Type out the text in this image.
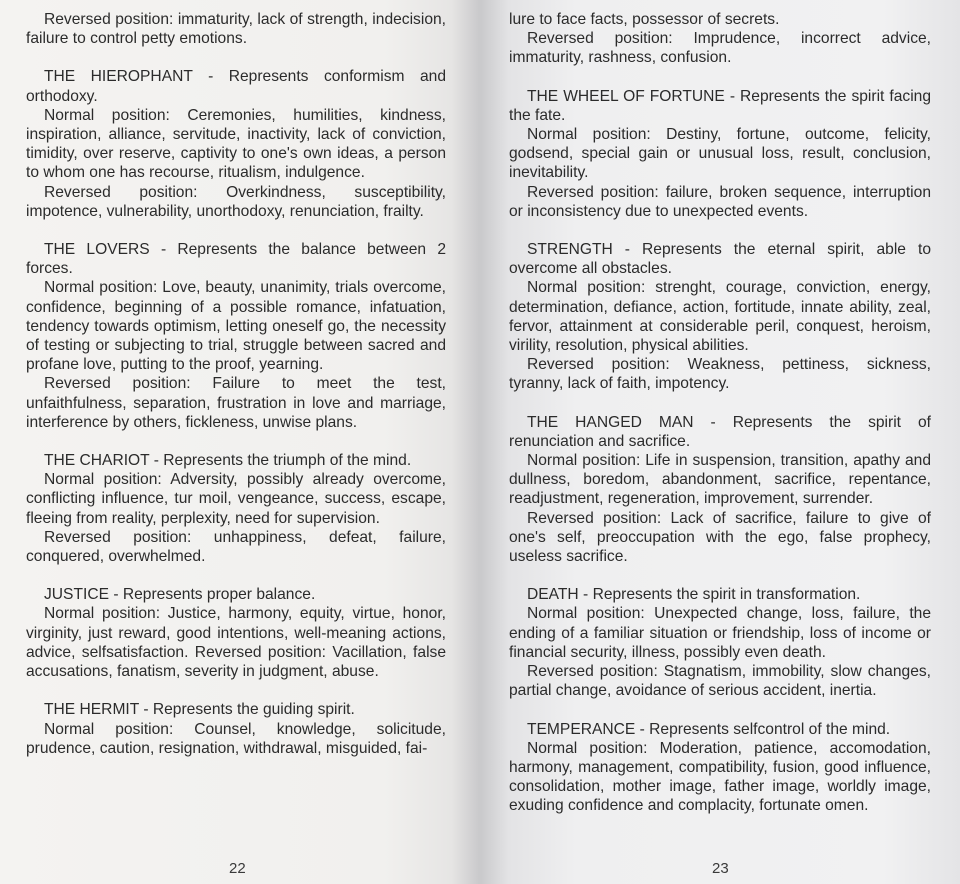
Reversed position: immaturity, lack of strength, indecision, failure to control petty emotions.

THE HIEROPHANT - Represents conformism and orthodoxy.

Normal position: Ceremonies, humilities, kindness, inspiration, alliance, servitude, inactivity, lack of conviction, timidity, over reserve, captivity to one's own ideas, a person to whom one has recourse, ritualism, indulgence.

Reversed position: Overkindness, susceptibility, impotence, vulnerability, unorthodoxy, renunciation, frailty.

THE LOVERS - Represents the balance between 2 forces.

Normal position: Love, beauty, unanimity, trials overcome, confidence, beginning of a possible romance, infatuation, tendency towards optimism, letting oneself go, the necessity of testing or subjecting to trial, struggle between sacred and profane love, putting to the proof, yearning.

Reversed position: Failure to meet the test, unfaithfulness, separation, frustration in love and marriage, interference by others, fickleness, unwise plans.

THE CHARIOT - Represents the triumph of the mind.

Normal position: Adversity, possibly already overcome, conflicting influence, tur moil, vengeance, success, escape, fleeing from reality, perplexity, need for supervision.

Reversed position: unhappiness, defeat, failure, conquered, overwhelmed.

JUSTICE - Represents proper balance.

Normal position: Justice, harmony, equity, virtue, honor, virginity, just reward, good intentions, well-meaning actions, advice, selfsatisfaction. Reversed position: Vacillation, false accusations, fanatism, severity in judgment, abuse.

THE HERMIT - Represents the guiding spirit.

Normal position: Counsel, knowledge, solicitude, prudence, caution, resignation, withdrawal, misguided, fai-

22

lure to face facts, possessor of secrets.

Reversed position: Imprudence, incorrect advice, immaturity, rashness, confusion.

THE WHEEL OF FORTUNE - Represents the spirit facing the fate.

Normal position: Destiny, fortune, outcome, felicity, godsend, special gain or unusual loss, result, conclusion, inevitability.

Reversed position: failure, broken sequence, interruption or inconsistency due to unexpected events.

STRENGTH - Represents the eternal spirit, able to overcome all obstacles.

Normal position: strenght, courage, conviction, energy, determination, defiance, action, fortitude, innate ability, zeal, fervor, attainment at considerable peril, conquest, heroism, virility, resolution, physical abilities.

Reversed position: Weakness, pettiness, sickness, tyranny, lack of faith, impotency.

THE HANGED MAN - Represents the spirit of renunciation and sacrifice.

Normal position: Life in suspension, transition, apathy and dullness, boredom, abandonment, sacrifice, repentance, readjustment, regeneration, improvement, surrender.

Reversed position: Lack of sacrifice, failure to give of one's self, preoccupation with the ego, false prophecy, useless sacrifice.

DEATH - Represents the spirit in transformation.

Normal position: Unexpected change, loss, failure, the ending of a familiar situation or friendship, loss of income or financial security, illness, possibly even death.

Reversed position: Stagnatism, immobility, slow changes, partial change, avoidance of serious accident, inertia.

TEMPERANCE - Represents selfcontrol of the mind.

Normal position: Moderation, patience, accomodation, harmony, management, compatibility, fusion, good influence, consolidation, mother image, father image, worldly image, exuding confidence and complacity, fortunate omen.

23
